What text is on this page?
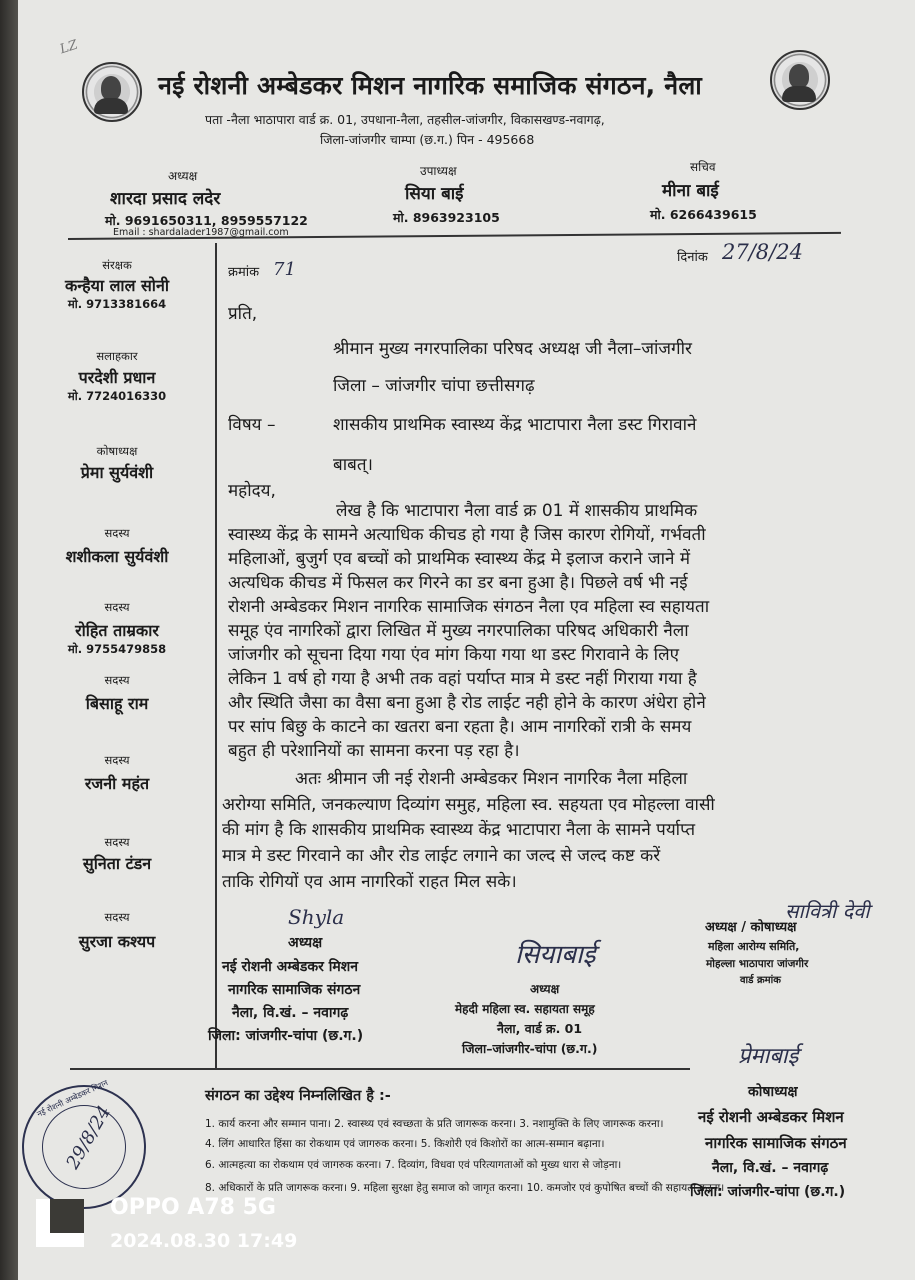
LZ
नई रोशनी अम्बेडकर मिशन नागरिक समाजिक संगठन, नैला
पता -नैला भाठापारा वार्ड क्र. 01, उपधाना-नैला, तहसील-जांजगीर, विकासखण्ड-नवागढ़,
जिला-जांजगीर चाम्पा (छ.ग.) पिन - 495668
अध्यक्ष
शारदा प्रसाद लदेर
मो. 9691650311, 8959557122
Email : shardalader1987@gmail.com
उपाध्यक्ष
सिया बाई
मो. 8963923105
सचिव
मीना बाई
मो. 6266439615
संरक्षक
कन्हैया लाल सोनी
मो. 9713381664
सलाहकार
परदेशी प्रधान
मो. 7724016330
कोषाध्यक्ष
प्रेमा सुर्यवंशी
सदस्य
शशीकला सुर्यवंशी
सदस्य
रोहित ताम्रकार
मो. 9755479858
सदस्य
बिसाहू राम
सदस्य
रजनी महंत
सदस्य
सुनिता टंडन
सदस्य
सुरजा कश्यप
क्रमांक 71
दिनांक 27/8/24
प्रति,
श्रीमान मुख्य नगरपालिका परिषद अध्यक्ष जी नैला–जांजगीर
जिला – जांजगीर चांपा छत्तीसगढ़
विषय –	शासकीय प्राथमिक स्वास्थ्य केंद्र भाटापारा नैला डस्ट गिरावाने
बाबत्।
महोदय,
लेख है कि भाटापारा नैला वार्ड क्र 01 में शासकीय प्राथमिक
स्वास्थ्य केंद्र के सामने अत्याधिक कीचड हो गया है जिस कारण रोगियों, गर्भवती
महिलाओं, बुजुर्ग एव बच्चों को प्राथमिक स्वास्थ्य केंद्र मे इलाज कराने जाने में
अत्यधिक कीचड में फिसल कर गिरने का डर बना हुआ है। पिछले वर्ष भी नई
रोशनी अम्बेडकर मिशन नागरिक सामाजिक संगठन नैला एव महिला स्व सहायता
समूह एंव नागरिकों द्वारा लिखित में मुख्य नगरपालिका परिषद अधिकारी नैला
जांजगीर को सूचना दिया गया एंव मांग किया गया था डस्ट गिरावाने के लिए
लेकिन 1 वर्ष हो गया है अभी तक वहां पर्याप्त मात्र मे डस्ट नहीं गिराया गया है
और स्थिति जैसा का वैसा बना हुआ है रोड लाईट नही होने के कारण अंधेरा होने
पर सांप बिछु के काटने का खतरा बना रहता है। आम नागरिकों रात्री के समय
बहुत ही परेशानियों का सामना करना पड़ रहा है।
अतः श्रीमान जी नई रोशनी अम्बेडकर मिशन नागरिक नैला महिला
अरोग्या समिति, जनकल्याण दिव्यांग समुह, महिला स्व. सहयता एव मोहल्ला वासी
की मांग है कि शासकीय प्राथमिक स्वास्थ्य केंद्र भाटापारा नैला के सामने पर्याप्त
मात्र मे डस्ट गिरवाने का और रोड लाईट लगाने का जल्द से जल्द कष्ट करें
ताकि रोगियों एव आम नागरिकों राहत मिल सके।
Shyla
अध्यक्ष
नई रोशनी अम्बेडकर मिशन
नागरिक सामाजिक संगठन
नैला, वि.खं. – नवागढ़
जिला: जांजगीर-चांपा (छ.ग.)
सियाबाई
अध्यक्ष
मेहदी महिला स्व. सहायता समूह
नैला, वार्ड क्र. 01
जिला–जांजगीर-चांपा (छ.ग.)
सावित्री देवी
अध्यक्ष / कोषाध्यक्ष
महिला आरोग्य समिति,
मोहल्ला भाठापारा जांजगीर
वार्ड क्रमांक
प्रेमाबाई
कोषाध्यक्ष
नई रोशनी अम्बेडकर मिशन
नागरिक सामाजिक संगठन
नैला, वि.खं. – नवागढ़
जिला: जांजगीर-चांपा (छ.ग.)
संगठन का उद्देश्य निम्नलिखित है :-
1. कार्य करना और सम्मान पाना। 2. स्वास्थ्य एवं स्वच्छता के प्रति जागरूक करना। 3. नशामुक्ति के लिए जागरूक करना।
4. लिंग आधारित हिंसा का रोकथाम एवं जागरुक करना। 5. किशोरी एवं किशोरों का आत्म-सम्मान बढ़ाना।
6. आत्महत्या का रोकथाम एवं जागरुक करना। 7. दिव्यांग, विधवा एवं परित्यागताओं को मुख्य धारा से जोड़ना।
8. अधिकारों के प्रति जागरूक करना। 9. महिला सुरक्षा हेतु समाज को जागृत करना। 10. कमजोर एवं कुपोषित बच्चों की सहायता करना।
नई रोशनी अम्बेडकर मिशन
29/8/24
OPPO A78 5G
2024.08.30 17:49
